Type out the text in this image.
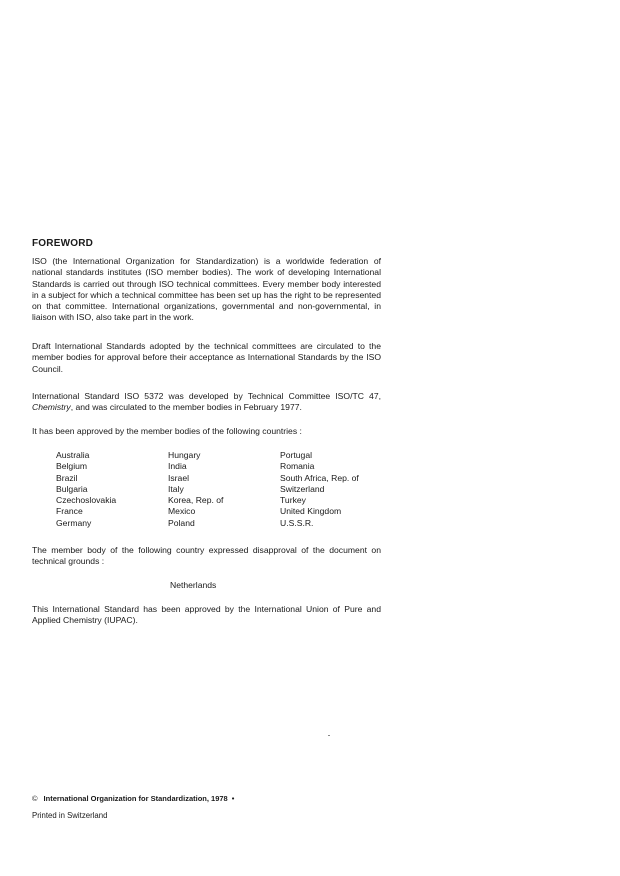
FOREWORD

ISO (the International Organization for Standardization) is a worldwide federation of national standards institutes (ISO member bodies). The work of developing International Standards is carried out through ISO technical committees. Every member body interested in a subject for which a technical committee has been set up has the right to be represented on that committee. International organizations, governmental and non-governmental, in liaison with ISO, also take part in the work.

Draft International Standards adopted by the technical committees are circulated to the member bodies for approval before their acceptance as International Standards by the ISO Council.

International Standard ISO 5372 was developed by Technical Committee ISO/TC 47, Chemistry, and was circulated to the member bodies in February 1977.

It has been approved by the member bodies of the following countries :

Australia	Hungary	Portugal
Belgium	India	Romania
Brazil	Israel	South Africa, Rep. of
Bulgaria	Italy	Switzerland
Czechoslovakia	Korea, Rep. of	Turkey
France	Mexico	United Kingdom
Germany	Poland	U.S.S.R.

The member body of the following country expressed disapproval of the document on technical grounds :

Netherlands

This International Standard has been approved by the International Union of Pure and Applied Chemistry (IUPAC).

© International Organization for Standardization, 1978 •
Printed in Switzerland
